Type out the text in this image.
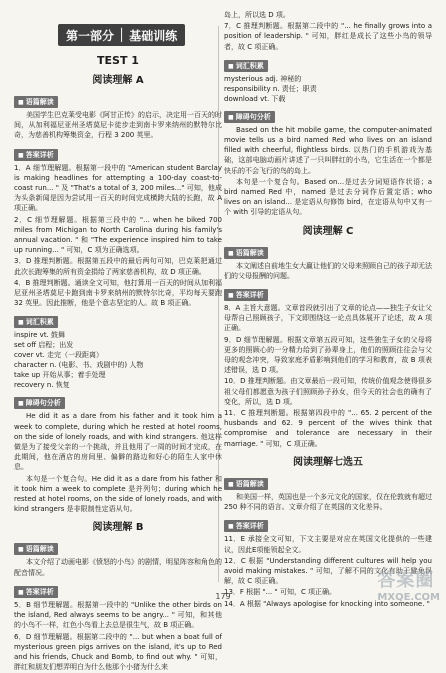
第一部分 │ 基础训练
TEST 1
阅读理解 A
■ 语篇解读

美国学生巴克莱受电影《阿甘正传》的启示，决定用一百天的时间，从加利福尼亚州圣塔莫尼卡徒步走到南卡罗来纳州的默特尔比奇，为慈善机构筹集资金，行程 3 200 英里。

■ 答案详析

1．A 细节理解题。根据第一段中的 "American student Barclay is making headlines for attempting a 100-day coast-to-coast run... " 及 "That's a total of 3, 200 miles..." 可知，他成为头条新闻是因为尝试用一百天的时间完成横跨大陆的长跑，故 A 项正确。

2．C 细节理解题。根据第三段中的 "... when he biked 700 miles from Michigan to North Carolina during his family's annual vacation. " 和 "The experience inspired him to take up running... " 可知，C 项为正确选项。

3．D 推理判断题。根据第五段中的最后两句可知，巴克莱把通过此次长跑筹集的所有资金捐给了两家慈善机构，故 D 项正确。

4．B 推理判断题。通读全文可知，他打算用一百天的时间从加利福尼亚州圣塔莫尼卡跑到南卡罗来纳州的默特尔比奇，平均每天要跑 32 英里。因此推断，他是个意志坚定的人。故 B 项正确。

■ 词汇积累

inspire vt. 鼓舞

set off 启程；出发

cover vt. 走完（一段距离）

character n. (电影、书、戏剧中的) 人物

take up 开始从事；着手处理

recovery n. 恢复

■ 障碍句分析

He did it as a dare from his father and it took him a week to complete, during which he rested at hotel rooms, on the side of lonely roads, and with kind strangers. 他这样做是为了接受父亲的一个挑战，并且他用了一周的时间才完成，在此期间，他在酒店的房间里、偏僻的路边和好心的陌生人家中休息。

本句是一个复合句。He did it as a dare from his father 和 it took him a week to complete 是并列句；during which he rested at hotel rooms, on the side of lonely roads, and with kind strangers 是非限制性定语从句。

阅读理解 B
■ 语篇解读

本文介绍了动画电影《愤怒的小鸟》的剧情，明星阵容和角色的配音情况。

■ 答案详析

5．B 细节理解题。根据第一段中的 "Unlike the other birds on the island, Red always seems to be angry... " 可知，和其他的小鸟不一样，红色小鸟看上去总是很生气，故 B 项正确。

6．D 细节理解题。根据第二段中的 "... but when a boat full of mysterious green pigs arrives on the island, it's up to Red and his friends, Chuck and Bomb, to find out why. " 可知，胖红和朋友们想弄明白为什么他那个小猪为什么来

岛上，所以选 D 项。

7．C 推理判断题。根据第二段中的 "... he finally grows into a position of leadership. " 可知，胖红是成长了这些小鸟的领导者，故 C 项正确。

■ 词汇积累

mysterious adj. 神秘的

responsibility n. 责任；职责

download vt. 下载

■ 障碍句分析

Based on the hit mobile game, the computer-animated movie tells us a bird named Red who lives on an island filled with cheerful, flightless birds. 以热门的手机游戏为基础，这部电脑动画片讲述了一只叫胖红的小鸟，它生活在一个都是快乐的不会飞行的鸟的岛上。

本句是一个复合句。Based on...是过去分词短语作状语；a bird named Red 中，named 是过去分词作后置定语；who lives on an island... 是定语从句修饰 bird，在定语从句中又有一个 with 引导的定语从句。

阅读理解 C
■ 语篇解读

本文阐述自前地生女大赢让他们的父母来照顾自己的孩子却无法们的父母报酬的问题。

■ 答案详析

8．A 主旨大意题。文章首段就引出了文章的论点——独生子女让父母帮自己照顾孩子，下文即围绕这一论点具体展开了论述，故 A 项正确。

9．D 细节理解题。根据文章第五段可知，这些独生子女的父母将更多的照顾心的一分精力给到了孙辈身上，他们的照顾往往会与父母的观念冲突，导致家庭矛盾影响到他们的学习和教育，故 B 项表述错误，选 D 项。

10．D 推理判断题。由文章最后一段可知，传统价值观念使得很多祖父母们都愿意为孩子们照顾孙子孙女，但今天的社会也的确有了变化，所以，选 D 项。

11．C 推理判断题。根据第四段中的 "... 65. 2 percent of the husbands and 62. 9 percent of the wives think that compromise and tolerance are necessary in their marriage. " 可知，C 项正确。

阅读理解七选五
■ 语篇解读

和美国一样，英国也是一个多元文化的国家，仅在伦敦就有超过 250 种不同的语言。文章介绍了在英国的文化差异。

■ 答案详析

11．E 承接全文可知，下文主要是对应在英国文化提供的一些建议，因此E项能领起全文。

12．C 根据 "Understanding different cultures will help you avoid making mistakes. " 可知，了解不同的文化有助于避免误解，故 C 项正确。

13．F 根据 "... " 可知，C 项正确。

14．A 根据 "Always apologise for knocking into someone. "

179
答案圈
MXQE.COM
